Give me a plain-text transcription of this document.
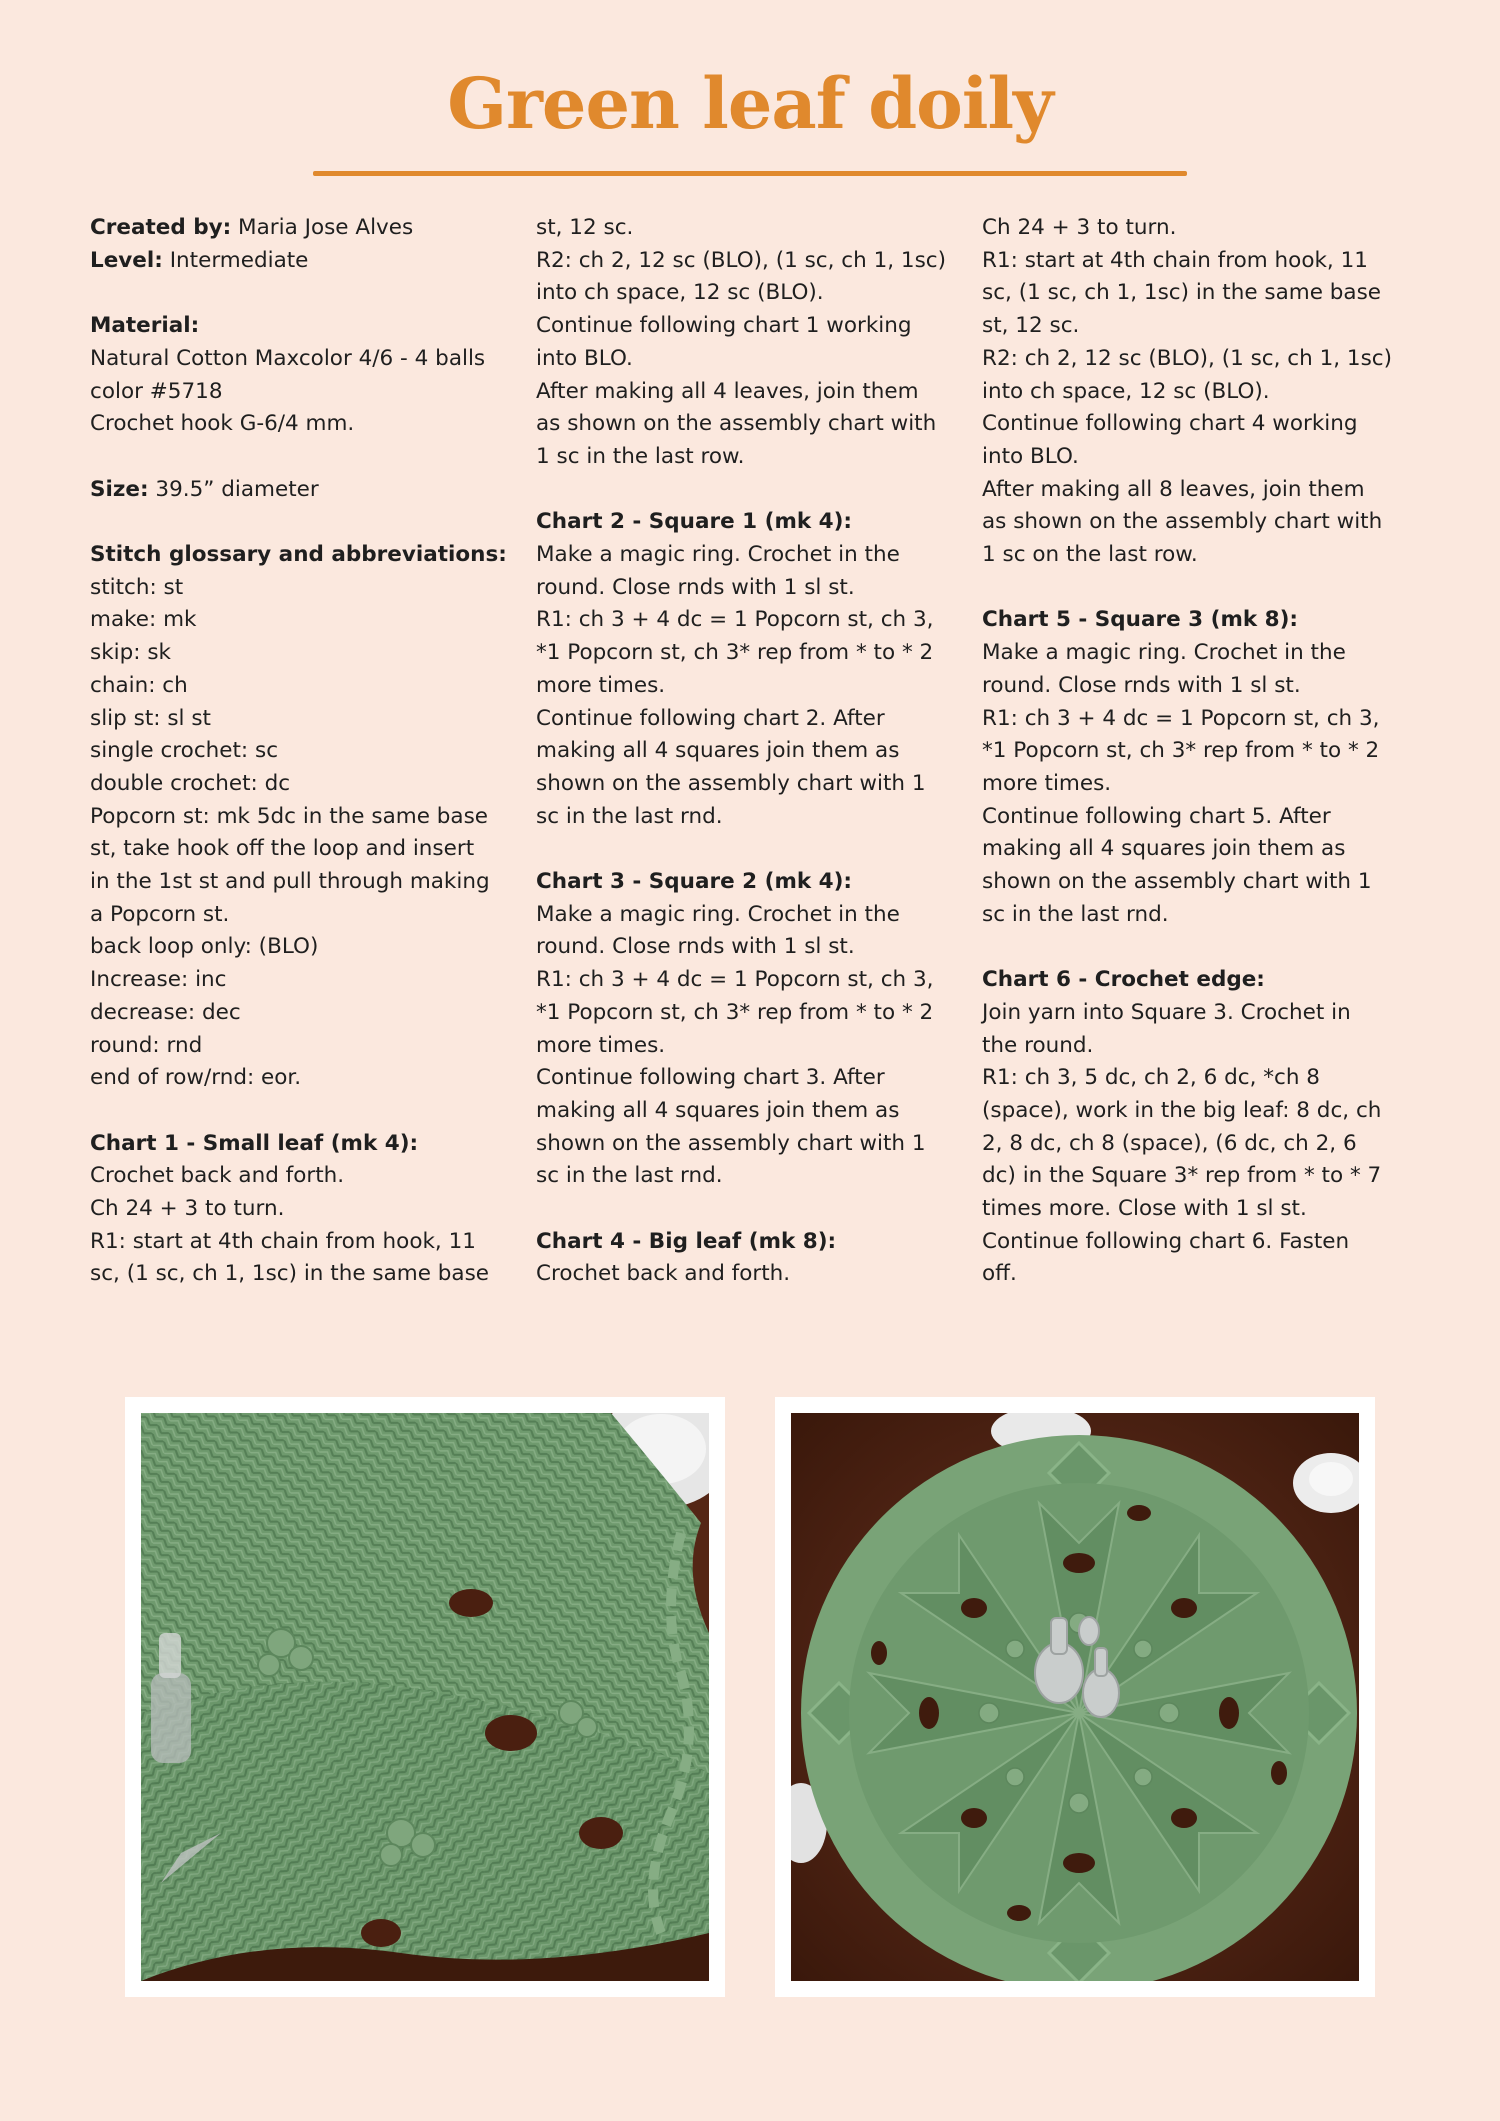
Green leaf doily
Created by: Maria Jose Alves
Level: Intermediate
Material:
Natural Cotton Maxcolor 4/6 - 4 balls
color #5718
Crochet hook G-6/4 mm.
Size: 39.5” diameter
Stitch glossary and abbreviations:
stitch: st
make: mk
skip: sk
chain: ch
slip st: sl st
single crochet: sc
double crochet: dc
Popcorn st: mk 5dc in the same base
st, take hook off the loop and insert
in the 1st st and pull through making
a Popcorn st.
back loop only: (BLO)
Increase: inc
decrease: dec
round: rnd
end of row/rnd: eor.
Chart 1 - Small leaf (mk 4):
Crochet back and forth.
Ch 24 + 3 to turn.
R1: start at 4th chain from hook, 11
sc, (1 sc, ch 1, 1sc) in the same base
st, 12 sc.
R2: ch 2, 12 sc (BLO), (1 sc, ch 1, 1sc)
into ch space, 12 sc (BLO).
Continue following chart 1 working
into BLO.
After making all 4 leaves, join them
as shown on the assembly chart with
1 sc in the last row.
Chart 2 - Square 1 (mk 4):
Make a magic ring. Crochet in the
round. Close rnds with 1 sl st.
R1: ch 3 + 4 dc = 1 Popcorn st, ch 3,
*1 Popcorn st, ch 3* rep from * to * 2
more times.
Continue following chart 2. After
making all 4 squares join them as
shown on the assembly chart with 1
sc in the last rnd.
Chart 3 - Square 2 (mk 4):
Make a magic ring. Crochet in the
round. Close rnds with 1 sl st.
R1: ch 3 + 4 dc = 1 Popcorn st, ch 3,
*1 Popcorn st, ch 3* rep from * to * 2
more times.
Continue following chart 3. After
making all 4 squares join them as
shown on the assembly chart with 1
sc in the last rnd.
Chart 4 - Big leaf (mk 8):
Crochet back and forth.
Ch 24 + 3 to turn.
R1: start at 4th chain from hook, 11
sc, (1 sc, ch 1, 1sc) in the same base
st, 12 sc.
R2: ch 2, 12 sc (BLO), (1 sc, ch 1, 1sc)
into ch space, 12 sc (BLO).
Continue following chart 4 working
into BLO.
After making all 8 leaves, join them
as shown on the assembly chart with
1 sc on the last row.
Chart 5 - Square 3 (mk 8):
Make a magic ring. Crochet in the
round. Close rnds with 1 sl st.
R1: ch 3 + 4 dc = 1 Popcorn st, ch 3,
*1 Popcorn st, ch 3* rep from * to * 2
more times.
Continue following chart 5. After
making all 4 squares join them as
shown on the assembly chart with 1
sc in the last rnd.
Chart 6 - Crochet edge:
Join yarn into Square 3. Crochet in
the round.
R1: ch 3, 5 dc, ch 2, 6 dc, *ch 8
(space), work in the big leaf: 8 dc, ch
2, 8 dc, ch 8 (space), (6 dc, ch 2, 6
dc) in the Square 3* rep from * to * 7
times more. Close with 1 sl st.
Continue following chart 6. Fasten
off.
